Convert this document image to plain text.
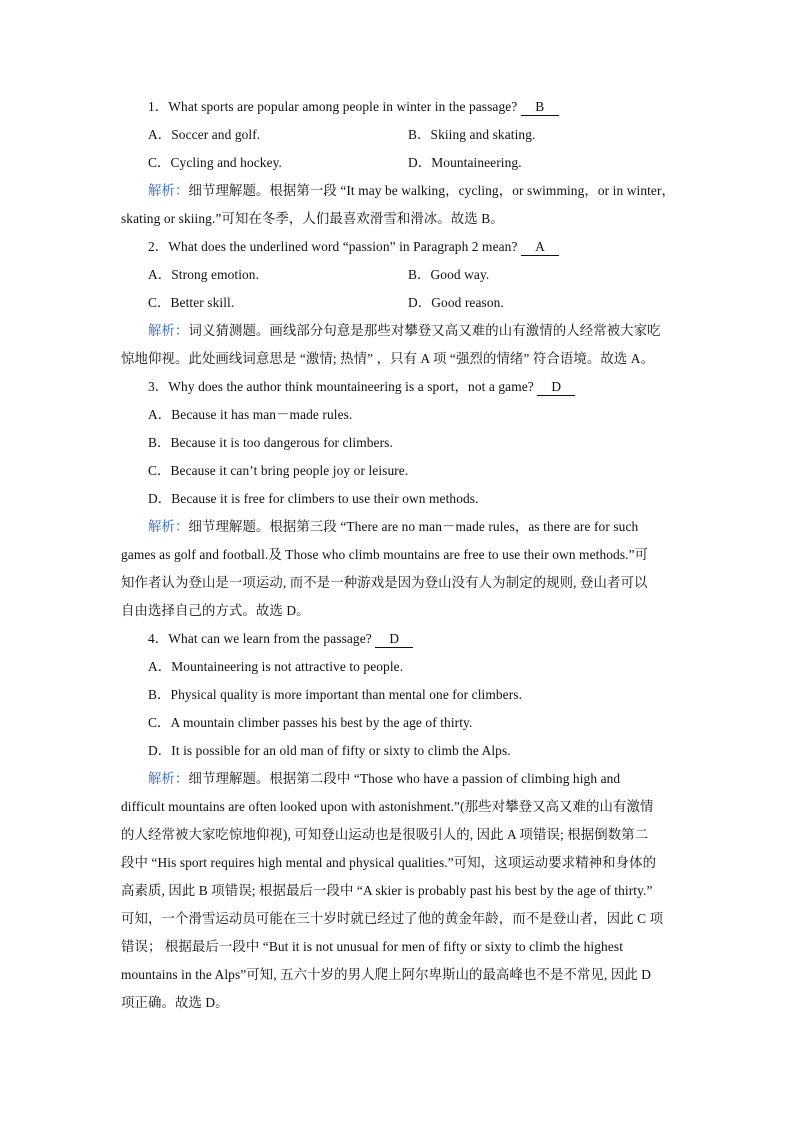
1．What sports are popular among people in winter in the passage? B
A．Soccer and golf.	B．Skiing and skating.
C．Cycling and hockey.	D．Mountaineering.
解析：细节理解题。根据第一段 “It may be walking，cycling，or swimming，or in winter，
skating or skiing.”可知在冬季，人们最喜欢滑雪和滑冰。故选 B。
2．What does the underlined word “passion” in Paragraph 2 mean? A
A．Strong emotion.	B．Good way.
C．Better skill.	D．Good reason.
解析：词义猜测题。画线部分句意是那些对攀登又高又难的山有激情的人经常被大家吃
惊地仰视。此处画线词意思是 “激情; 热情” ，只有 A 项 “强烈的情绪” 符合语境。故选 A。
3．Why does the author think mountaineering is a sport，not a game? D
A．Because it has man－made rules.
B．Because it is too dangerous for climbers.
C．Because it can’t bring people joy or leisure.
D．Because it is free for climbers to use their own methods.
解析：细节理解题。根据第三段 “There are no man－made rules，as there are for such
games as golf and football.及 Those who climb mountains are free to use their own methods.”可
知作者认为登山是一项运动, 而不是一种游戏是因为登山没有人为制定的规则, 登山者可以
自由选择自己的方式。故选 D。
4．What can we learn from the passage? D
A．Mountaineering is not attractive to people.
B．Physical quality is more important than mental one for climbers.
C．A mountain climber passes his best by the age of thirty.
D．It is possible for an old man of fifty or sixty to climb the Alps.
解析：细节理解题。根据第二段中 “Those who have a passion of climbing high and
difficult mountains are often looked upon with astonishment.”(那些对攀登又高又难的山有激情
的人经常被大家吃惊地仰视), 可知登山运动也是很吸引人的, 因此 A 项错误; 根据倒数第二
段中 “His sport requires high mental and physical qualities.”可知，这项运动要求精神和身体的
高素质, 因此 B 项错误; 根据最后一段中 “A skier is probably past his best by the age of thirty.”
可知，一个滑雪运动员可能在三十岁时就已经过了他的黄金年龄，而不是登山者，因此 C 项
错误； 根据最后一段中 “But it is not unusual for men of fifty or sixty to climb the highest
mountains in the Alps”可知, 五六十岁的男人爬上阿尔卑斯山的最高峰也不是不常见, 因此 D
项正确。故选 D。
